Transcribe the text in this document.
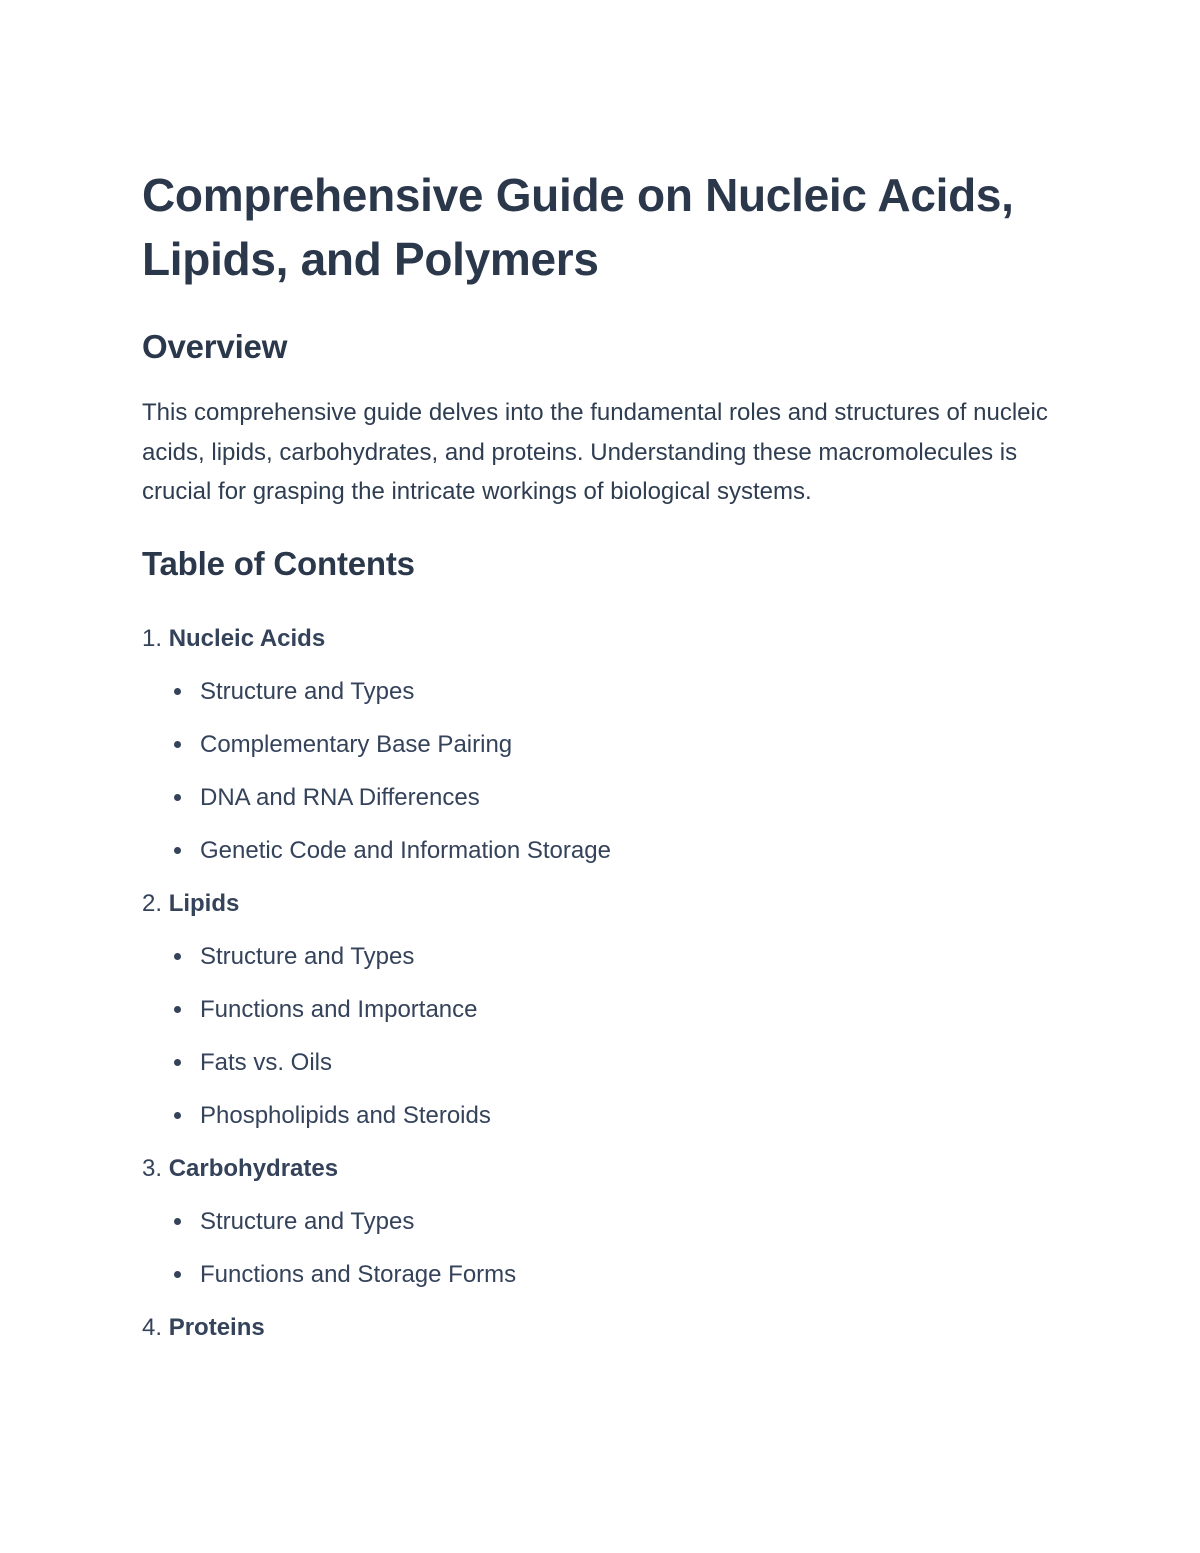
Comprehensive Guide on Nucleic Acids, Lipids, and Polymers
Overview

This comprehensive guide delves into the fundamental roles and structures of nucleic acids, lipids, carbohydrates, and proteins. Understanding these macromolecules is crucial for grasping the intricate workings of biological systems.

Table of Contents
1. Nucleic Acids
Structure and Types
Complementary Base Pairing
DNA and RNA Differences
Genetic Code and Information Storage
2. Lipids
Structure and Types
Functions and Importance
Fats vs. Oils
Phospholipids and Steroids
3. Carbohydrates
Structure and Types
Functions and Storage Forms
4. Proteins
